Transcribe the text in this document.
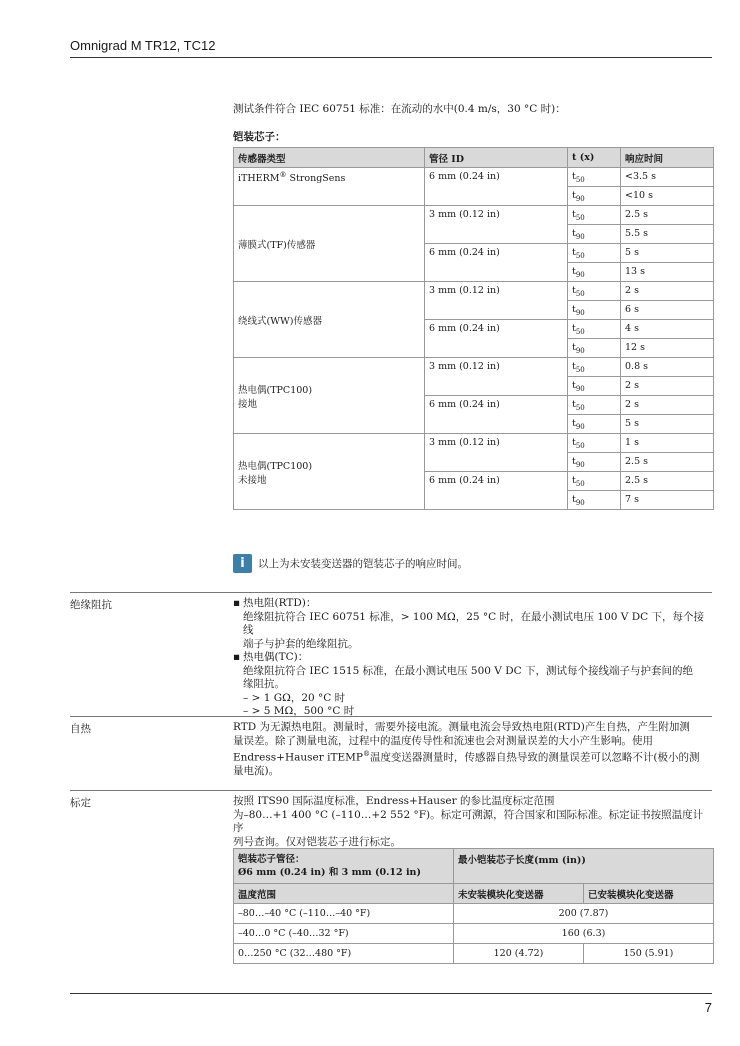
Omnigrad M TR12, TC12
测试条件符合 IEC 60751 标准：在流动的水中(0.4 m/s，30 °C 时)：
铠装芯子：
传感器类型	管径 ID	t (x)	响应时间
iTHERM® StrongSens	6 mm (0.24 in)	$t_{50}$	<3.5 s
		$t_{90}$	<10 s
薄膜式(TF)传感器	3 mm (0.12 in)	$t_{50}$	2.5 s
		$t_{90}$	5.5 s
	6 mm (0.24 in)	$t_{50}$	5 s
		$t_{90}$	13 s
绕线式(WW)传感器	3 mm (0.12 in)	$t_{50}$	2 s
		$t_{90}$	6 s
	6 mm (0.24 in)	$t_{50}$	4 s
		$t_{90}$	12 s
热电偶(TPC100)
接地	3 mm (0.12 in)	$t_{50}$	0.8 s
		$t_{90}$	2 s
	6 mm (0.24 in)	$t_{50}$	2 s
		$t_{90}$	5 s
热电偶(TPC100)
未接地	3 mm (0.12 in)	$t_{50}$	1 s
		$t_{90}$	2.5 s
	6 mm (0.24 in)	$t_{50}$	2.5 s
		$t_{90}$	7 s
i	以上为未安装变送器的铠装芯子的响应时间。
绝缘阻抗	▪ 热电阻(RTD)：
绝缘阻抗符合 IEC 60751 标准，> 100 MΩ，25 °C 时，在最小测试电压 100 V DC 下，每个接线
端子与护套的绝缘阻抗。
▪ 热电偶(TC)：
绝缘阻抗符合 IEC 1515 标准，在最小测试电压 500 V DC 下，测试每个接线端子与护套间的绝
缘阻抗。
– > 1 GΩ，20 °C 时
– > 5 MΩ，500 °C 时
自热	RTD 为无源热电阻。测量时，需要外接电流。测量电流会导致热电阻(RTD)产生自热，产生附加测
量误差。除了测量电流，过程中的温度传导性和流速也会对测量误差的大小产生影响。使用
Endress+Hauser iTEMP®温度变送器测量时，传感器自热导致的测量误差可以忽略不计(极小的测
量电流)。
标定	按照 ITS90 国际温度标准，Endress+Hauser 的参比温度标定范围
为–80…+1 400 °C (–110…+2 552 °F)。标定可溯源，符合国家和国际标准。标定证书按照温度计序
列号查询。仅对铠装芯子进行标定。
铠装芯子管径：
Ø6 mm (0.24 in) 和 3 mm (0.12 in)	最小铠装芯子长度(mm (in))	
温度范围	未安装模块化变送器	已安装模块化变送器
–80…–40 °C (–110…–40 °F)	200 (7.87)	
–40…0 °C (–40…32 °F)	160 (6.3)	
0…250 °C (32…480 °F)	120 (4.72)	150 (5.91)
7
